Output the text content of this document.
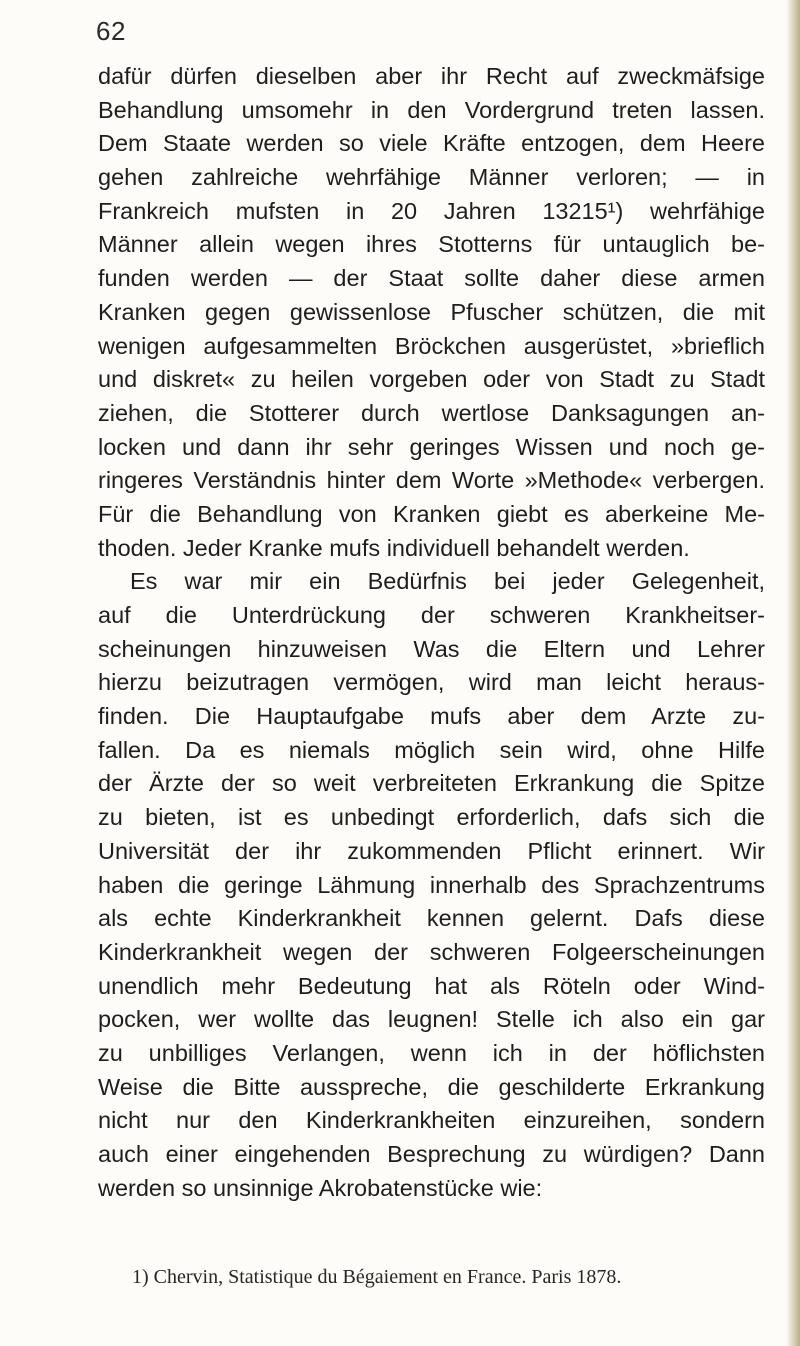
62
dafür dürfen dieselben aber ihr Recht auf zweckmäfsige
Behandlung umsomehr in den Vordergrund treten lassen.
Dem Staate werden so viele Kräfte entzogen, dem Heere
gehen zahlreiche wehrfähige Männer verloren; — in
Frankreich mufsten in 20 Jahren 13215¹) wehrfähige
Männer allein wegen ihres Stotterns für untauglich be-
funden werden — der Staat sollte daher diese armen
Kranken gegen gewissenlose Pfuscher schützen, die mit
wenigen aufgesammelten Bröckchen ausgerüstet, »brieflich
und diskret« zu heilen vorgeben oder von Stadt zu Stadt
ziehen, die Stotterer durch wertlose Danksagungen an-
locken und dann ihr sehr geringes Wissen und noch ge-
ringeres Verständnis hinter dem Worte »Methode« verbergen.
Für die Behandlung von Kranken giebt es aberkeine Me-
thoden. Jeder Kranke mufs individuell behandelt werden.
Es war mir ein Bedürfnis bei jeder Gelegenheit,
auf die Unterdrückung der schweren Krankheitser-
scheinungen hinzuweisen Was die Eltern und Lehrer
hierzu beizutragen vermögen, wird man leicht heraus-
finden. Die Hauptaufgabe mufs aber dem Arzte zu-
fallen. Da es niemals möglich sein wird, ohne Hilfe
der Ärzte der so weit verbreiteten Erkrankung die Spitze
zu bieten, ist es unbedingt erforderlich, dafs sich die
Universität der ihr zukommenden Pflicht erinnert. Wir
haben die geringe Lähmung innerhalb des Sprachzentrums
als echte Kinderkrankheit kennen gelernt. Dafs diese
Kinderkrankheit wegen der schweren Folgeerscheinungen
unendlich mehr Bedeutung hat als Röteln oder Wind-
pocken, wer wollte das leugnen! Stelle ich also ein gar
zu unbilliges Verlangen, wenn ich in der höflichsten
Weise die Bitte ausspreche, die geschilderte Erkrankung
nicht nur den Kinderkrankheiten einzureihen, sondern
auch einer eingehenden Besprechung zu würdigen? Dann
werden so unsinnige Akrobatenstücke wie:
1) Chervin, Statistique du Bégaiement en France. Paris 1878.
